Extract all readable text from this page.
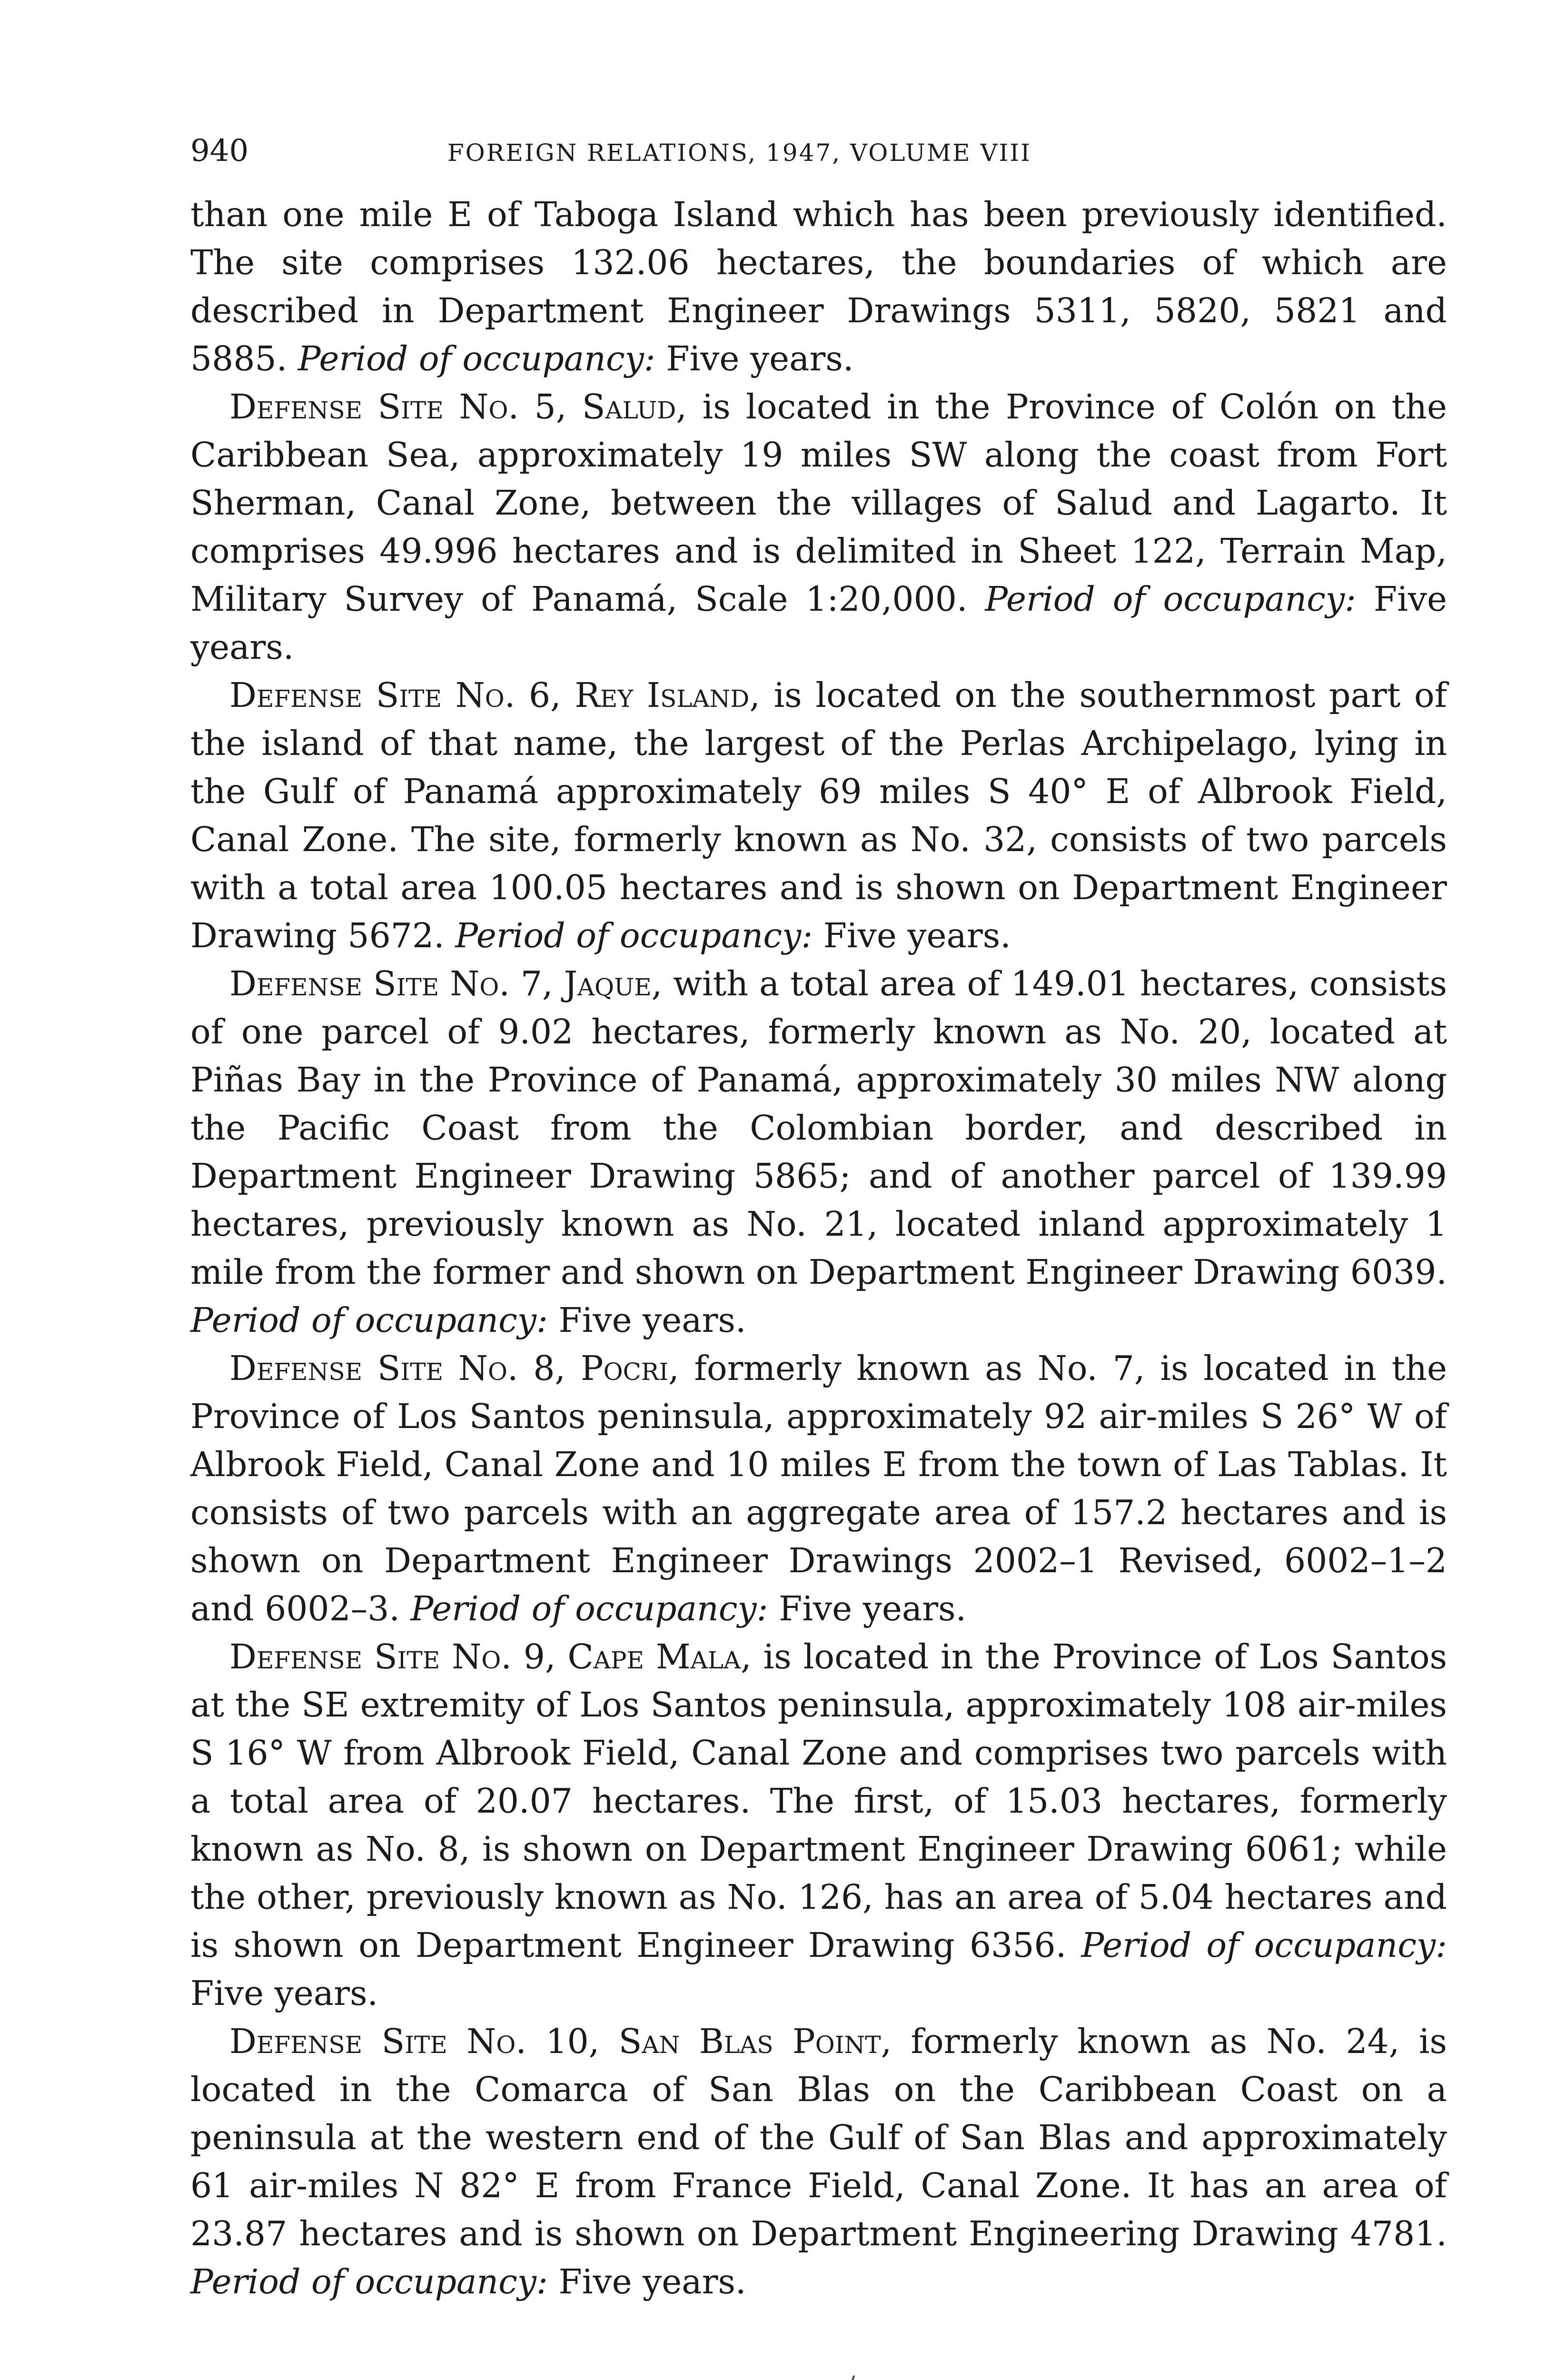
940	FOREIGN RELATIONS, 1947, VOLUME VIII

than one mile E of Taboga Island which has been previously identified. The site comprises 132.06 hectares, the boundaries of which are described in Department Engineer Drawings 5311, 5820, 5821 and 5885. Period of occupancy: Five years.

Defense Site No. 5, Salud, is located in the Province of Colón on the Caribbean Sea, approximately 19 miles SW along the coast from Fort Sherman, Canal Zone, between the villages of Salud and Lagarto. It comprises 49.996 hectares and is delimited in Sheet 122, Terrain Map, Military Survey of Panamá, Scale 1:20,000. Period of occupancy: Five years.

Defense Site No. 6, Rey Island, is located on the southernmost part of the island of that name, the largest of the Perlas Archipelago, lying in the Gulf of Panamá approximately 69 miles S 40° E of Albrook Field, Canal Zone. The site, formerly known as No. 32, consists of two parcels with a total area 100.05 hectares and is shown on Department Engineer Drawing 5672. Period of occupancy: Five years.

Defense Site No. 7, Jaque, with a total area of 149.01 hectares, consists of one parcel of 9.02 hectares, formerly known as No. 20, located at Piñas Bay in the Province of Panamá, approximately 30 miles NW along the Pacific Coast from the Colombian border, and described in Department Engineer Drawing 5865; and of another parcel of 139.99 hectares, previously known as No. 21, located inland approximately 1 mile from the former and shown on Department Engineer Drawing 6039. Period of occupancy: Five years.

Defense Site No. 8, Pocri, formerly known as No. 7, is located in the Province of Los Santos peninsula, approximately 92 air-miles S 26° W of Albrook Field, Canal Zone and 10 miles E from the town of Las Tablas. It consists of two parcels with an aggregate area of 157.2 hectares and is shown on Department Engineer Drawings 2002–1 Revised, 6002–1–2 and 6002–3. Period of occupancy: Five years.

Defense Site No. 9, Cape Mala, is located in the Province of Los Santos at the SE extremity of Los Santos peninsula, approximately 108 air-miles S 16° W from Albrook Field, Canal Zone and comprises two parcels with a total area of 20.07 hectares. The first, of 15.03 hectares, formerly known as No. 8, is shown on Department Engineer Drawing 6061; while the other, previously known as No. 126, has an area of 5.04 hectares and is shown on Department Engineer Drawing 6356. Period of occupancy: Five years.

Defense Site No. 10, San Blas Point, formerly known as No. 24, is located in the Comarca of San Blas on the Caribbean Coast on a peninsula at the western end of the Gulf of San Blas and approximately 61 air-miles N 82° E from France Field, Canal Zone. It has an area of 23.87 hectares and is shown on Department Engineering Drawing 4781. Period of occupancy: Five years.
